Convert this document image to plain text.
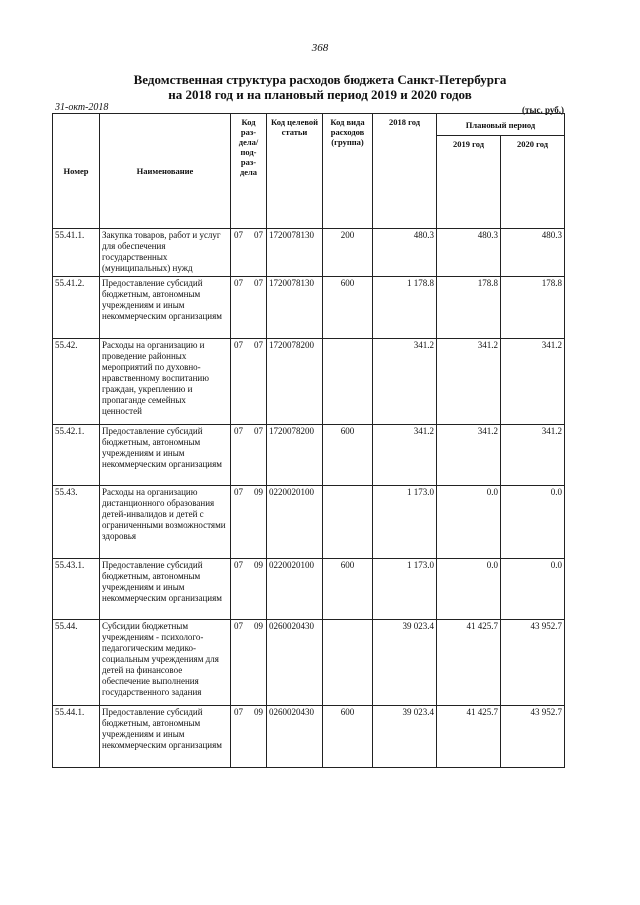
368
Ведомственная структура расходов бюджета Санкт-Петербурга
на 2018 год и на плановый период 2019 и 2020 годов
31-окт-2018	(тыс. руб.)
Номер	Наименование	Код раз-дела/ под-раз-дела	Код целевой статьи	Код вида расходов (группа)	2018 год	Плановый период	
						2019 год	2020 год
55.41.1.	Закупка товаров, работ и услуг для обеспечения государственных (муниципальных) нужд	07 07	1720078130	200	480.3	480.3	480.3
55.41.2.	Предоставление субсидий бюджетным, автономным учреждениям и иным некоммерческим организациям	07 07	1720078130	600	1 178.8	178.8	178.8
55.42.	Расходы на организацию и проведение районных мероприятий по духовно-нравственному воспитанию граждан, укреплению и пропаганде семейных ценностей	07 07	1720078200		341.2	341.2	341.2
55.42.1.	Предоставление субсидий бюджетным, автономным учреждениям и иным некоммерческим организациям	07 07	1720078200	600	341.2	341.2	341.2
55.43.	Расходы на организацию дистанционного образования детей-инвалидов и детей с ограниченными возможностями здоровья	07 09	0220020100		1 173.0	0.0	0.0
55.43.1.	Предоставление субсидий бюджетным, автономным учреждениям и иным некоммерческим организациям	07 09	0220020100	600	1 173.0	0.0	0.0
55.44.	Субсидии бюджетным учреждениям - психолого-педагогическим медико-социальным учреждениям для детей на финансовое обеспечение выполнения государственного задания	07 09	0260020430		39 023.4	41 425.7	43 952.7
55.44.1.	Предоставление субсидий бюджетным, автономным учреждениям и иным некоммерческим организациям	07 09	0260020430	600	39 023.4	41 425.7	43 952.7
